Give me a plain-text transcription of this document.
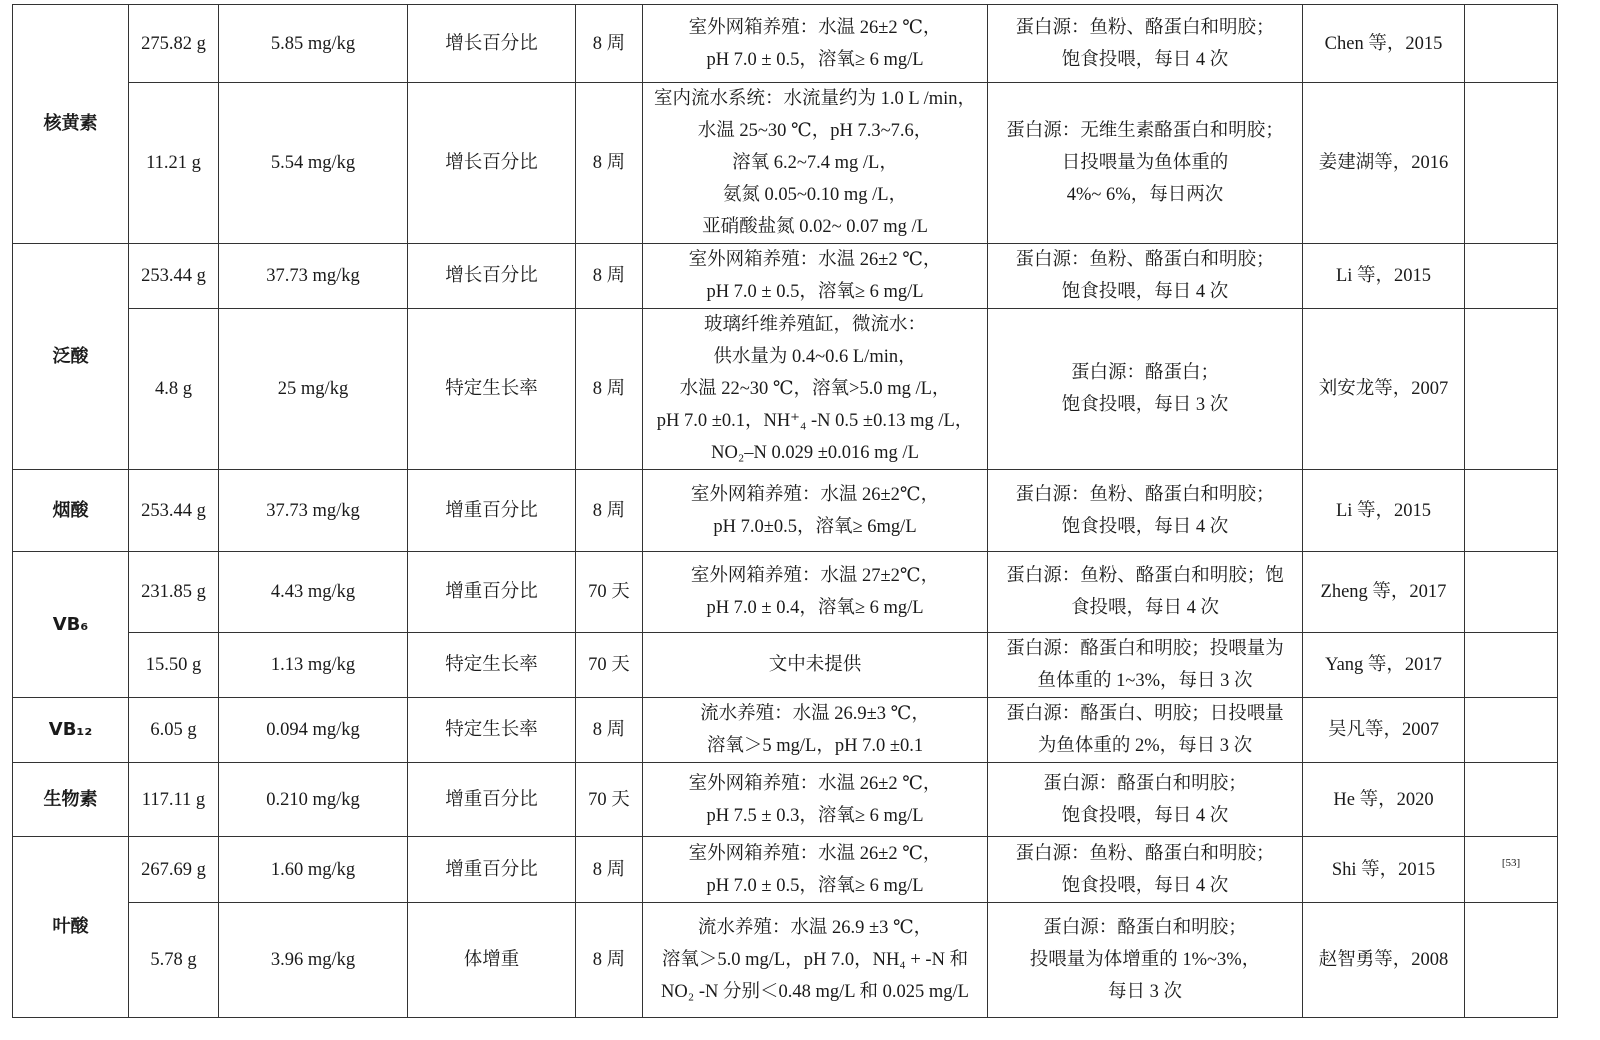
核黄素	275.82 g	5.85 mg/kg	增长百分比	8 周	室外网箱养殖：水温 26±2 ℃，
pH 7.0 ± 0.5，溶氧≥ 6 mg/L	蛋白源：鱼粉、酪蛋白和明胶；
饱食投喂，每日 4 次	Chen 等，2015	
	11.21 g	5.54 mg/kg	增长百分比	8 周	室内流水系统：水流量约为 1.0 L /min，
水温 25~30 ℃，pH 7.3~7.6，
溶氧 6.2~7.4 mg /L，
氨氮 0.05~0.10 mg /L，
亚硝酸盐氮 0.02~ 0.07 mg /L	蛋白源：无维生素酪蛋白和明胶；
日投喂量为鱼体重的
4%~ 6%，每日两次	姜建湖等，2016	
泛酸	253.44 g	37.73 mg/kg	增长百分比	8 周	室外网箱养殖：水温 26±2 ℃，
pH 7.0 ± 0.5，溶氧≥ 6 mg/L	蛋白源：鱼粉、酪蛋白和明胶；
饱食投喂，每日 4 次	Li 等，2015	
	4.8 g	25 mg/kg	特定生长率	8 周	玻璃纤维养殖缸，微流水：
供水量为 0.4~0.6 L/min，
水温 22~30 ℃，溶氧>5.0 mg /L，
pH 7.0 ±0.1，NH⁺₄ -N 0.5 ±0.13 mg /L，
NO₂–N 0.029 ±0.016 mg /L	蛋白源：酪蛋白；
饱食投喂，每日 3 次	刘安龙等，2007	
烟酸	253.44 g	37.73 mg/kg	增重百分比	8 周	室外网箱养殖：水温 26±2℃，
pH 7.0±0.5，溶氧≥ 6mg/L	蛋白源：鱼粉、酪蛋白和明胶；
饱食投喂，每日 4 次	Li 等，2015	
VB₆	231.85 g	4.43 mg/kg	增重百分比	70 天	室外网箱养殖：水温 27±2℃，
pH 7.0 ± 0.4，溶氧≥ 6 mg/L	蛋白源：鱼粉、酪蛋白和明胶；饱
食投喂，每日 4 次	Zheng 等，2017	
	15.50 g	1.13 mg/kg	特定生长率	70 天	文中未提供	蛋白源：酪蛋白和明胶；投喂量为
鱼体重的 1~3%，每日 3 次	Yang 等，2017	
VB₁₂	6.05 g	0.094 mg/kg	特定生长率	8 周	流水养殖：水温 26.9±3 ℃，
溶氧＞5 mg/L，pH 7.0 ±0.1	蛋白源：酪蛋白、明胶；日投喂量
为鱼体重的 2%，每日 3 次	吴凡等，2007	
生物素	117.11 g	0.210 mg/kg	增重百分比	70 天	室外网箱养殖：水温 26±2 ℃，
pH 7.5 ± 0.3，溶氧≥ 6 mg/L	蛋白源：酪蛋白和明胶；
饱食投喂，每日 4 次	He 等，2020	
叶酸	267.69 g	1.60 mg/kg	增重百分比	8 周	室外网箱养殖：水温 26±2 ℃，
pH 7.0 ± 0.5，溶氧≥ 6 mg/L	蛋白源：鱼粉、酪蛋白和明胶；
饱食投喂，每日 4 次	Shi 等，2015	[53]
	5.78 g	3.96 mg/kg	体增重	8 周	流水养殖：水温 26.9 ±3 ℃，
溶氧＞5.0 mg/L，pH 7.0，NH₄ + -N 和
NO₂ -N 分别＜0.48 mg/L 和 0.025 mg/L	蛋白源：酪蛋白和明胶；
投喂量为体增重的 1%~3%，
每日 3 次	赵智勇等，2008	
